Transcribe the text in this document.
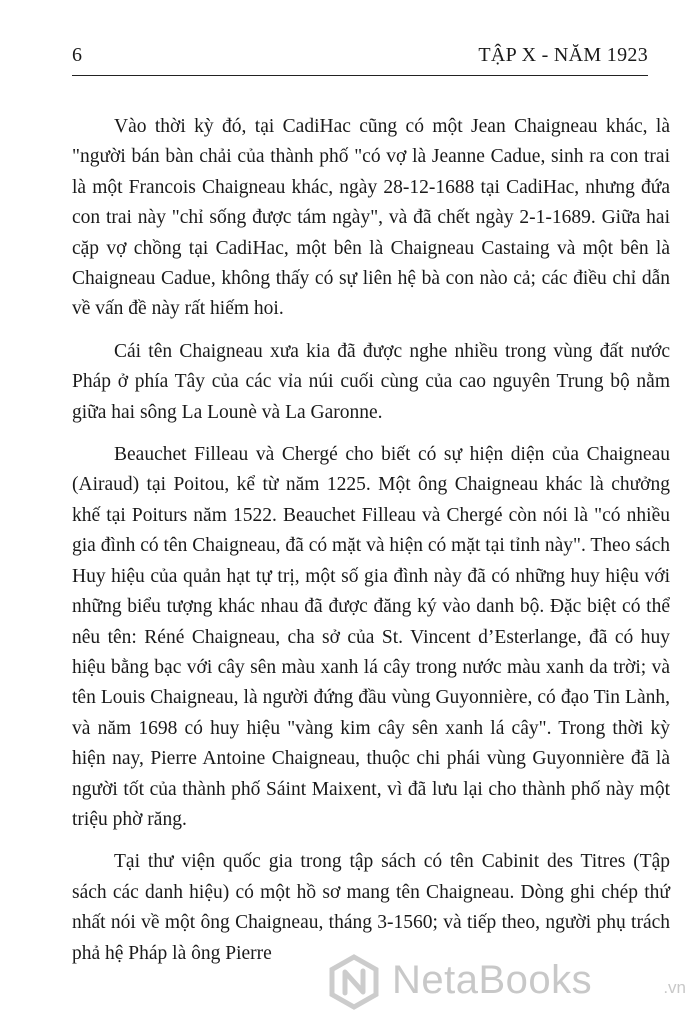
6	TẬP X - NĂM 1923

Vào thời kỳ đó, tại CadiHac cũng có một Jean Chaigneau khác, là "người bán bàn chải của thành phố "có vợ là Jeanne Cadue, sinh ra con trai là một Francois Chaigneau khác, ngày 28-12-1688 tại CadiHac, nhưng đứa con trai này "chỉ sống được tám ngày", và đã chết ngày 2-1-1689. Giữa hai cặp vợ chồng tại CadiHac, một bên là Chaigneau Castaing và một bên là Chaigneau Cadue, không thấy có sự liên hệ bà con nào cả; các điều chỉ dẫn về vấn đề này rất hiếm hoi.

Cái tên Chaigneau xưa kia đã được nghe nhiều trong vùng đất nước Pháp ở phía Tây của các vỉa núi cuối cùng của cao nguyên Trung bộ nằm giữa hai sông La Lounè và La Garonne.

Beauchet Filleau và Chergé cho biết có sự hiện diện của Chaigneau (Airaud) tại Poitou, kể từ năm 1225. Một ông Chaigneau khác là chưởng khế tại Poiturs năm 1522. Beauchet Filleau và Chergé còn nói là "có nhiều gia đình có tên Chaigneau, đã có mặt và hiện có mặt tại tỉnh này". Theo sách Huy hiệu của quản hạt tự trị, một số gia đình này đã có những huy hiệu với những biểu tượng khác nhau đã được đăng ký vào danh bộ. Đặc biệt có thể nêu tên: Réné Chaigneau, cha sở của St. Vincent d’Esterlange, đã có huy hiệu bằng bạc với cây sên màu xanh lá cây trong nước màu xanh da trời; và tên Louis Chaigneau, là người đứng đầu vùng Guyonnière, có đạo Tin Lành, và năm 1698 có huy hiệu "vàng kim cây sên xanh lá cây". Trong thời kỳ hiện nay, Pierre Antoine Chaigneau, thuộc chi phái vùng Guyonnière đã là người tốt của thành phố Sáint Maixent, vì đã lưu lại cho thành phố này một triệu phờ răng.

Tại thư viện quốc gia trong tập sách có tên Cabinit des Titres (Tập sách các danh hiệu) có một hồ sơ mang tên Chaigneau. Dòng ghi chép thứ nhất nói về một ông Chaigneau, tháng 3-1560; và tiếp theo, người phụ trách phả hệ Pháp là ông Pierre

NetaBooks	.vn
